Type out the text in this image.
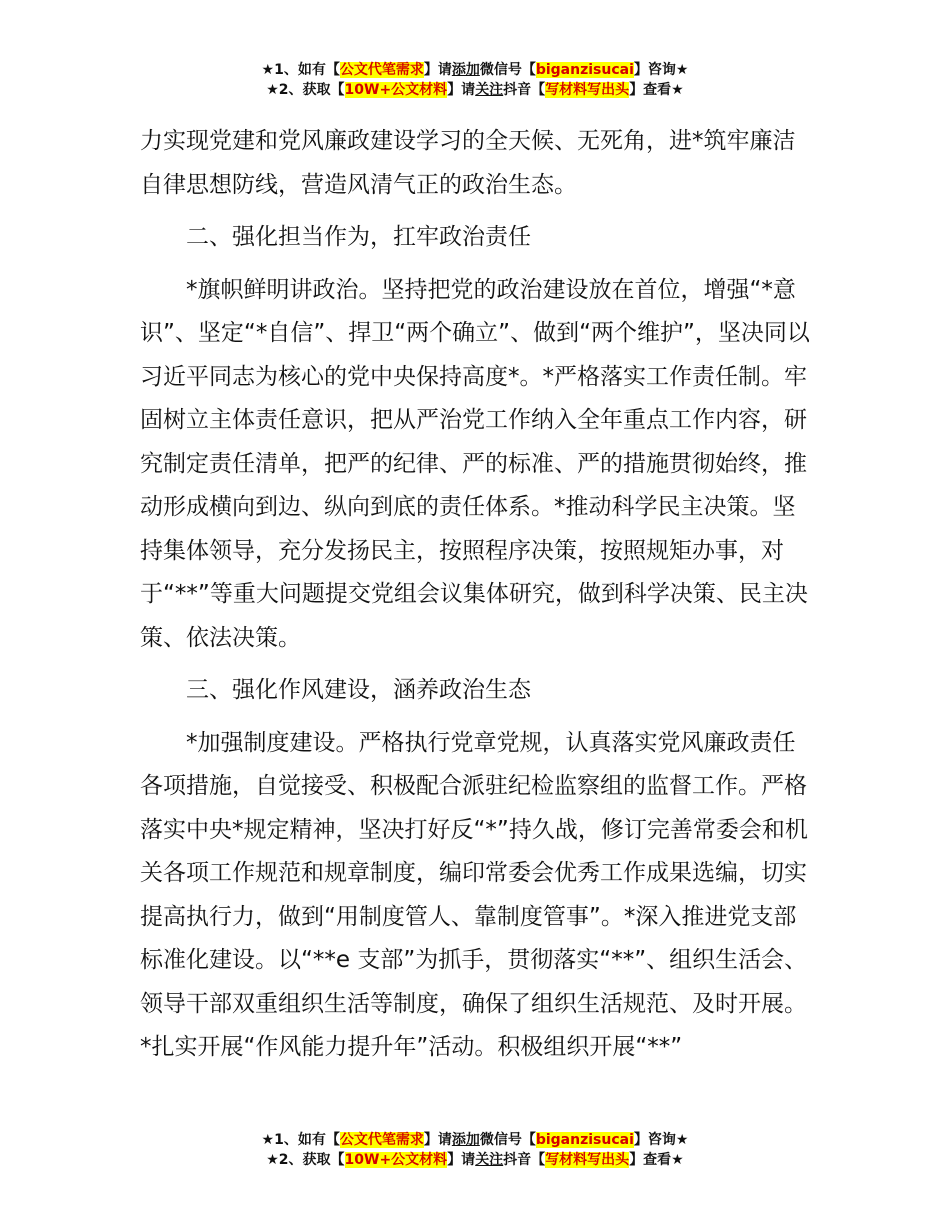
★1、如有【公文代笔需求】请添加微信号【biganzisucai】咨询★
★2、获取【10W+公文材料】请关注抖音【写材料写出头】查看★

力实现党建和党风廉政建设学习的全天候、无死角，进*筑牢廉洁自律思想防线，营造风清气正的政治生态。

二、强化担当作为，扛牢政治责任

*旗帜鲜明讲政治。坚持把党的政治建设放在首位，增强“*意识”、坚定“*自信”、捍卫“两个确立”、做到“两个维护”，坚决同以习近平同志为核心的党中央保持高度*。*严格落实工作责任制。牢固树立主体责任意识，把从严治党工作纳入全年重点工作内容，研究制定责任清单，把严的纪律、严的标准、严的措施贯彻始终，推动形成横向到边、纵向到底的责任体系。*推动科学民主决策。坚持集体领导，充分发扬民主，按照程序决策，按照规矩办事，对于“**”等重大问题提交党组会议集体研究，做到科学决策、民主决策、依法决策。

三、强化作风建设，涵养政治生态

*加强制度建设。严格执行党章党规，认真落实党风廉政责任各项措施，自觉接受、积极配合派驻纪检监察组的监督工作。严格落实中央*规定精神，坚决打好反“*”持久战，修订完善常委会和机关各项工作规范和规章制度，编印常委会优秀工作成果选编，切实提高执行力，做到“用制度管人、靠制度管事”。*深入推进党支部标准化建设。以“**e 支部”为抓手，贯彻落实“**”、组织生活会、领导干部双重组织生活等制度，确保了组织生活规范、及时开展。*扎实开展“作风能力提升年”活动。积极组织开展“**”

★1、如有【公文代笔需求】请添加微信号【biganzisucai】咨询★
★2、获取【10W+公文材料】请关注抖音【写材料写出头】查看★
